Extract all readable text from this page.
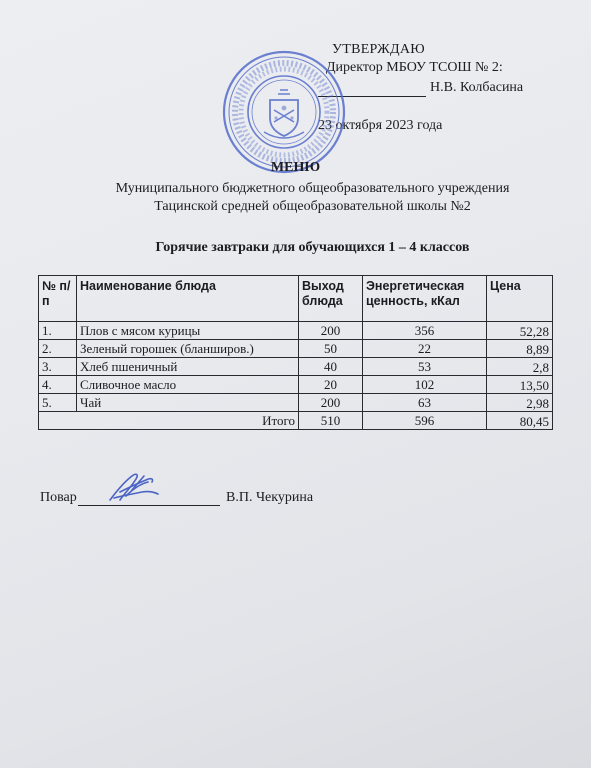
УТВЕРЖДАЮ
Директор МБОУ ТСОШ № 2:
Н.В. Колбасина
23 октября 2023 года
МЕНЮ
Муниципального бюджетного общеобразовательного учреждения
Тацинской средней общеобразовательной школы №2
Горячие завтраки для обучающихся 1 – 4 классов
№ п/п	Наименование блюда	Выход блюда	Энергетическая ценность, кКал	Цена
1.	Плов с мясом курицы	200	356	52,28
2.	Зеленый горошек (бланширов.)	50	22	8,89
3.	Хлеб пшеничный	40	53	2,8
4.	Сливочное масло	20	102	13,50
5.	Чай	200	63	2,98
Итого		510	596	80,45
Повар	В.П. Чекурина
